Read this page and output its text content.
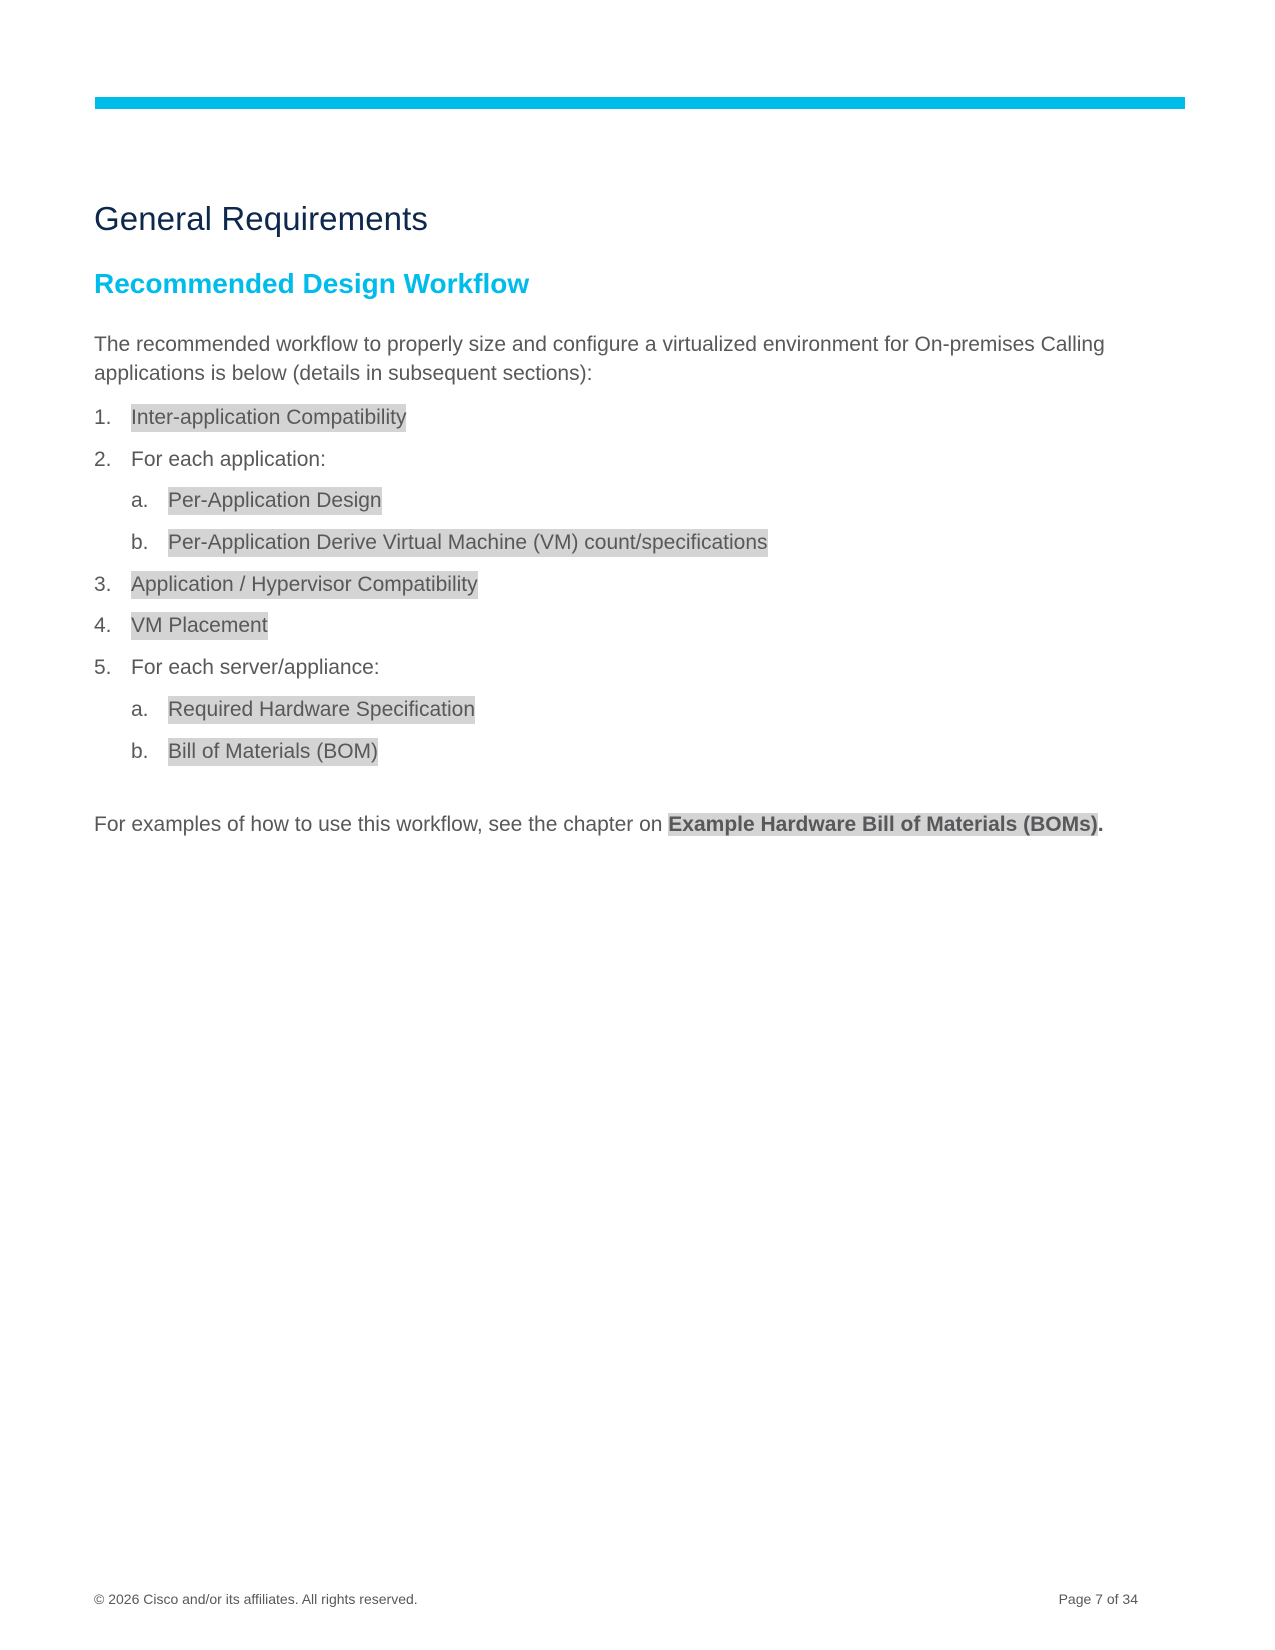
General Requirements
Recommended Design Workflow

The recommended workflow to properly size and configure a virtualized environment for On-premises Calling applications is below (details in subsequent sections):

1. Inter-application Compatibility
2. For each application:
a. Per-Application Design
b. Per-Application Derive Virtual Machine (VM) count/specifications
3. Application / Hypervisor Compatibility
4. VM Placement
5. For each server/appliance:
a. Required Hardware Specification
b. Bill of Materials (BOM)

For examples of how to use this workflow, see the chapter on Example Hardware Bill of Materials (BOMs).

© 2026 Cisco and/or its affiliates. All rights reserved.	Page 7 of 34
